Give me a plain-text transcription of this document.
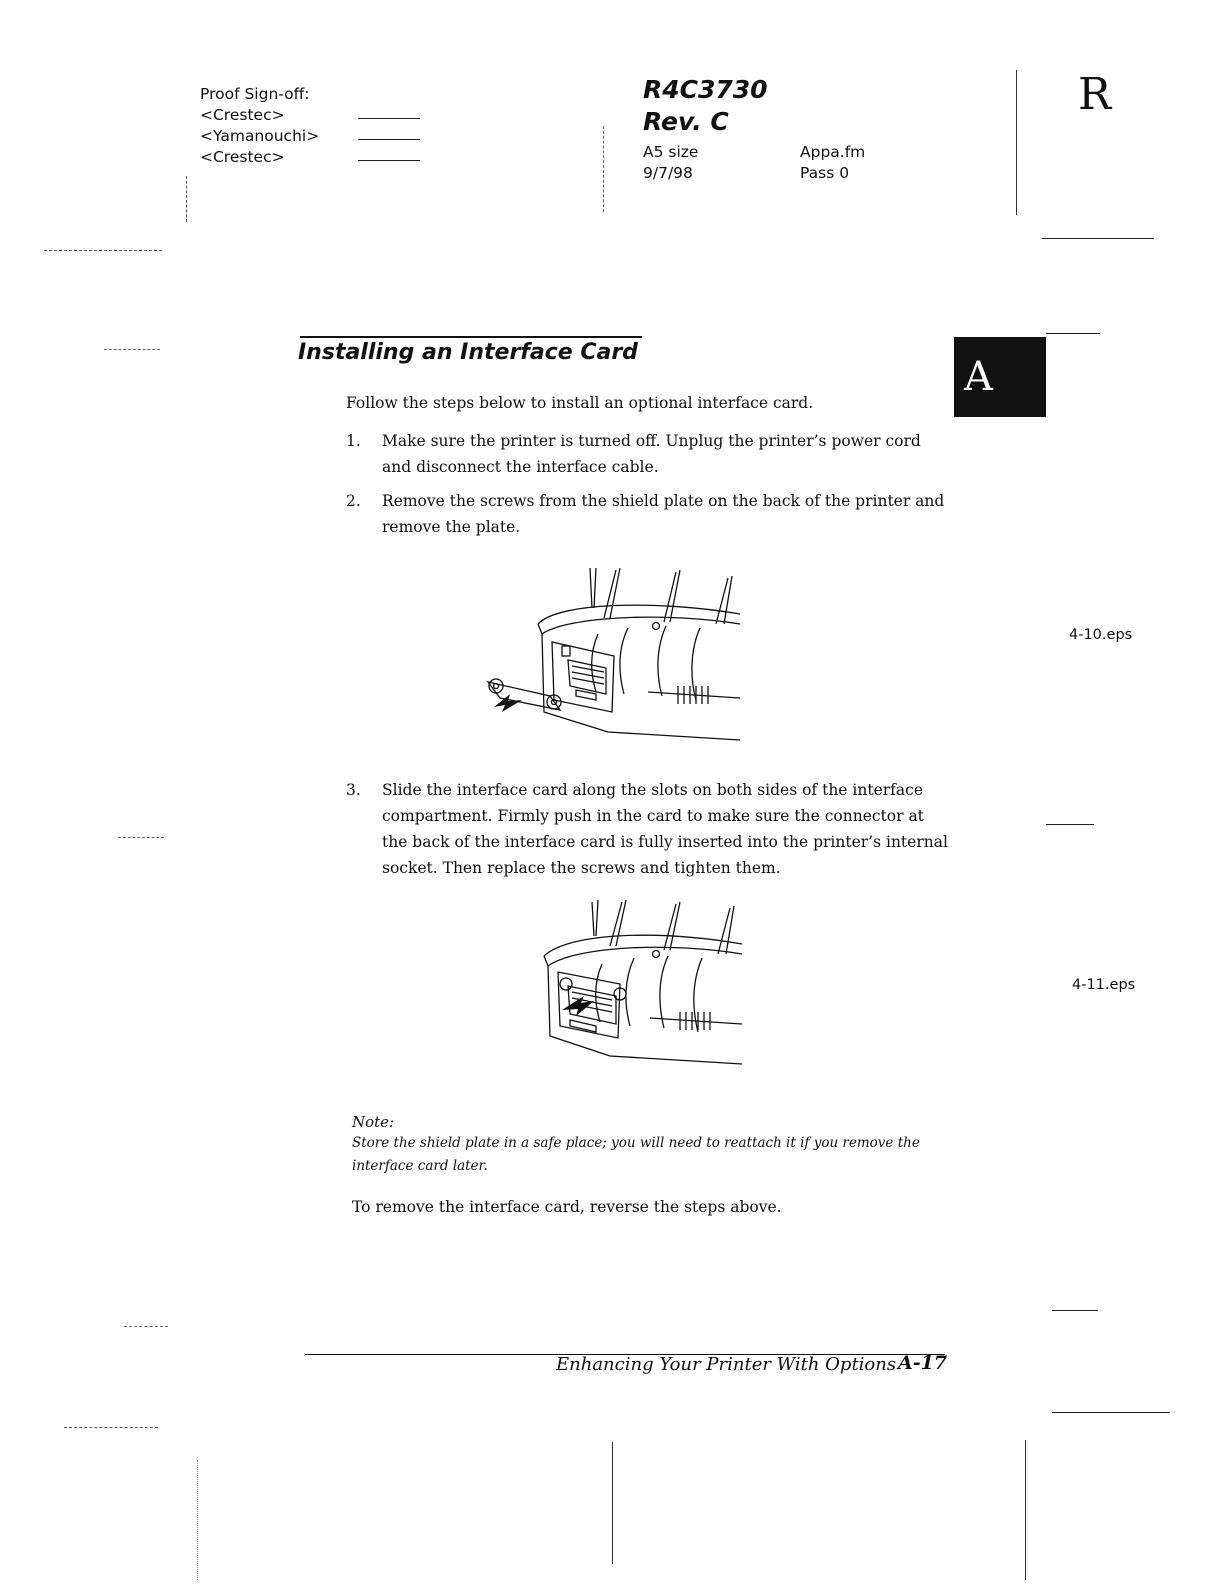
Proof Sign-off:
<Crestec>
<Yamanouchi>
<Crestec>
R4C3730
Rev. C
A5 size
9/7/98
Appa.fm
Pass 0
R
A
Installing an Interface Card
Follow the steps below to install an optional interface card.
1.	Make sure the printer is turned off. Unplug the printer’s power cord and disconnect the interface cable.
2.	Remove the screws from the shield plate on the back of the printer and remove the plate.
4-10.eps
3.	Slide the interface card along the slots on both sides of the interface compartment. Firmly push in the card to make sure the connector at the back of the interface card is fully inserted into the printer’s internal socket. Then replace the screws and tighten them.
4-11.eps
Note:
Store the shield plate in a safe place; you will need to reattach it if you remove the interface card later.
To remove the interface card, reverse the steps above.
Enhancing Your Printer With Options A-17
